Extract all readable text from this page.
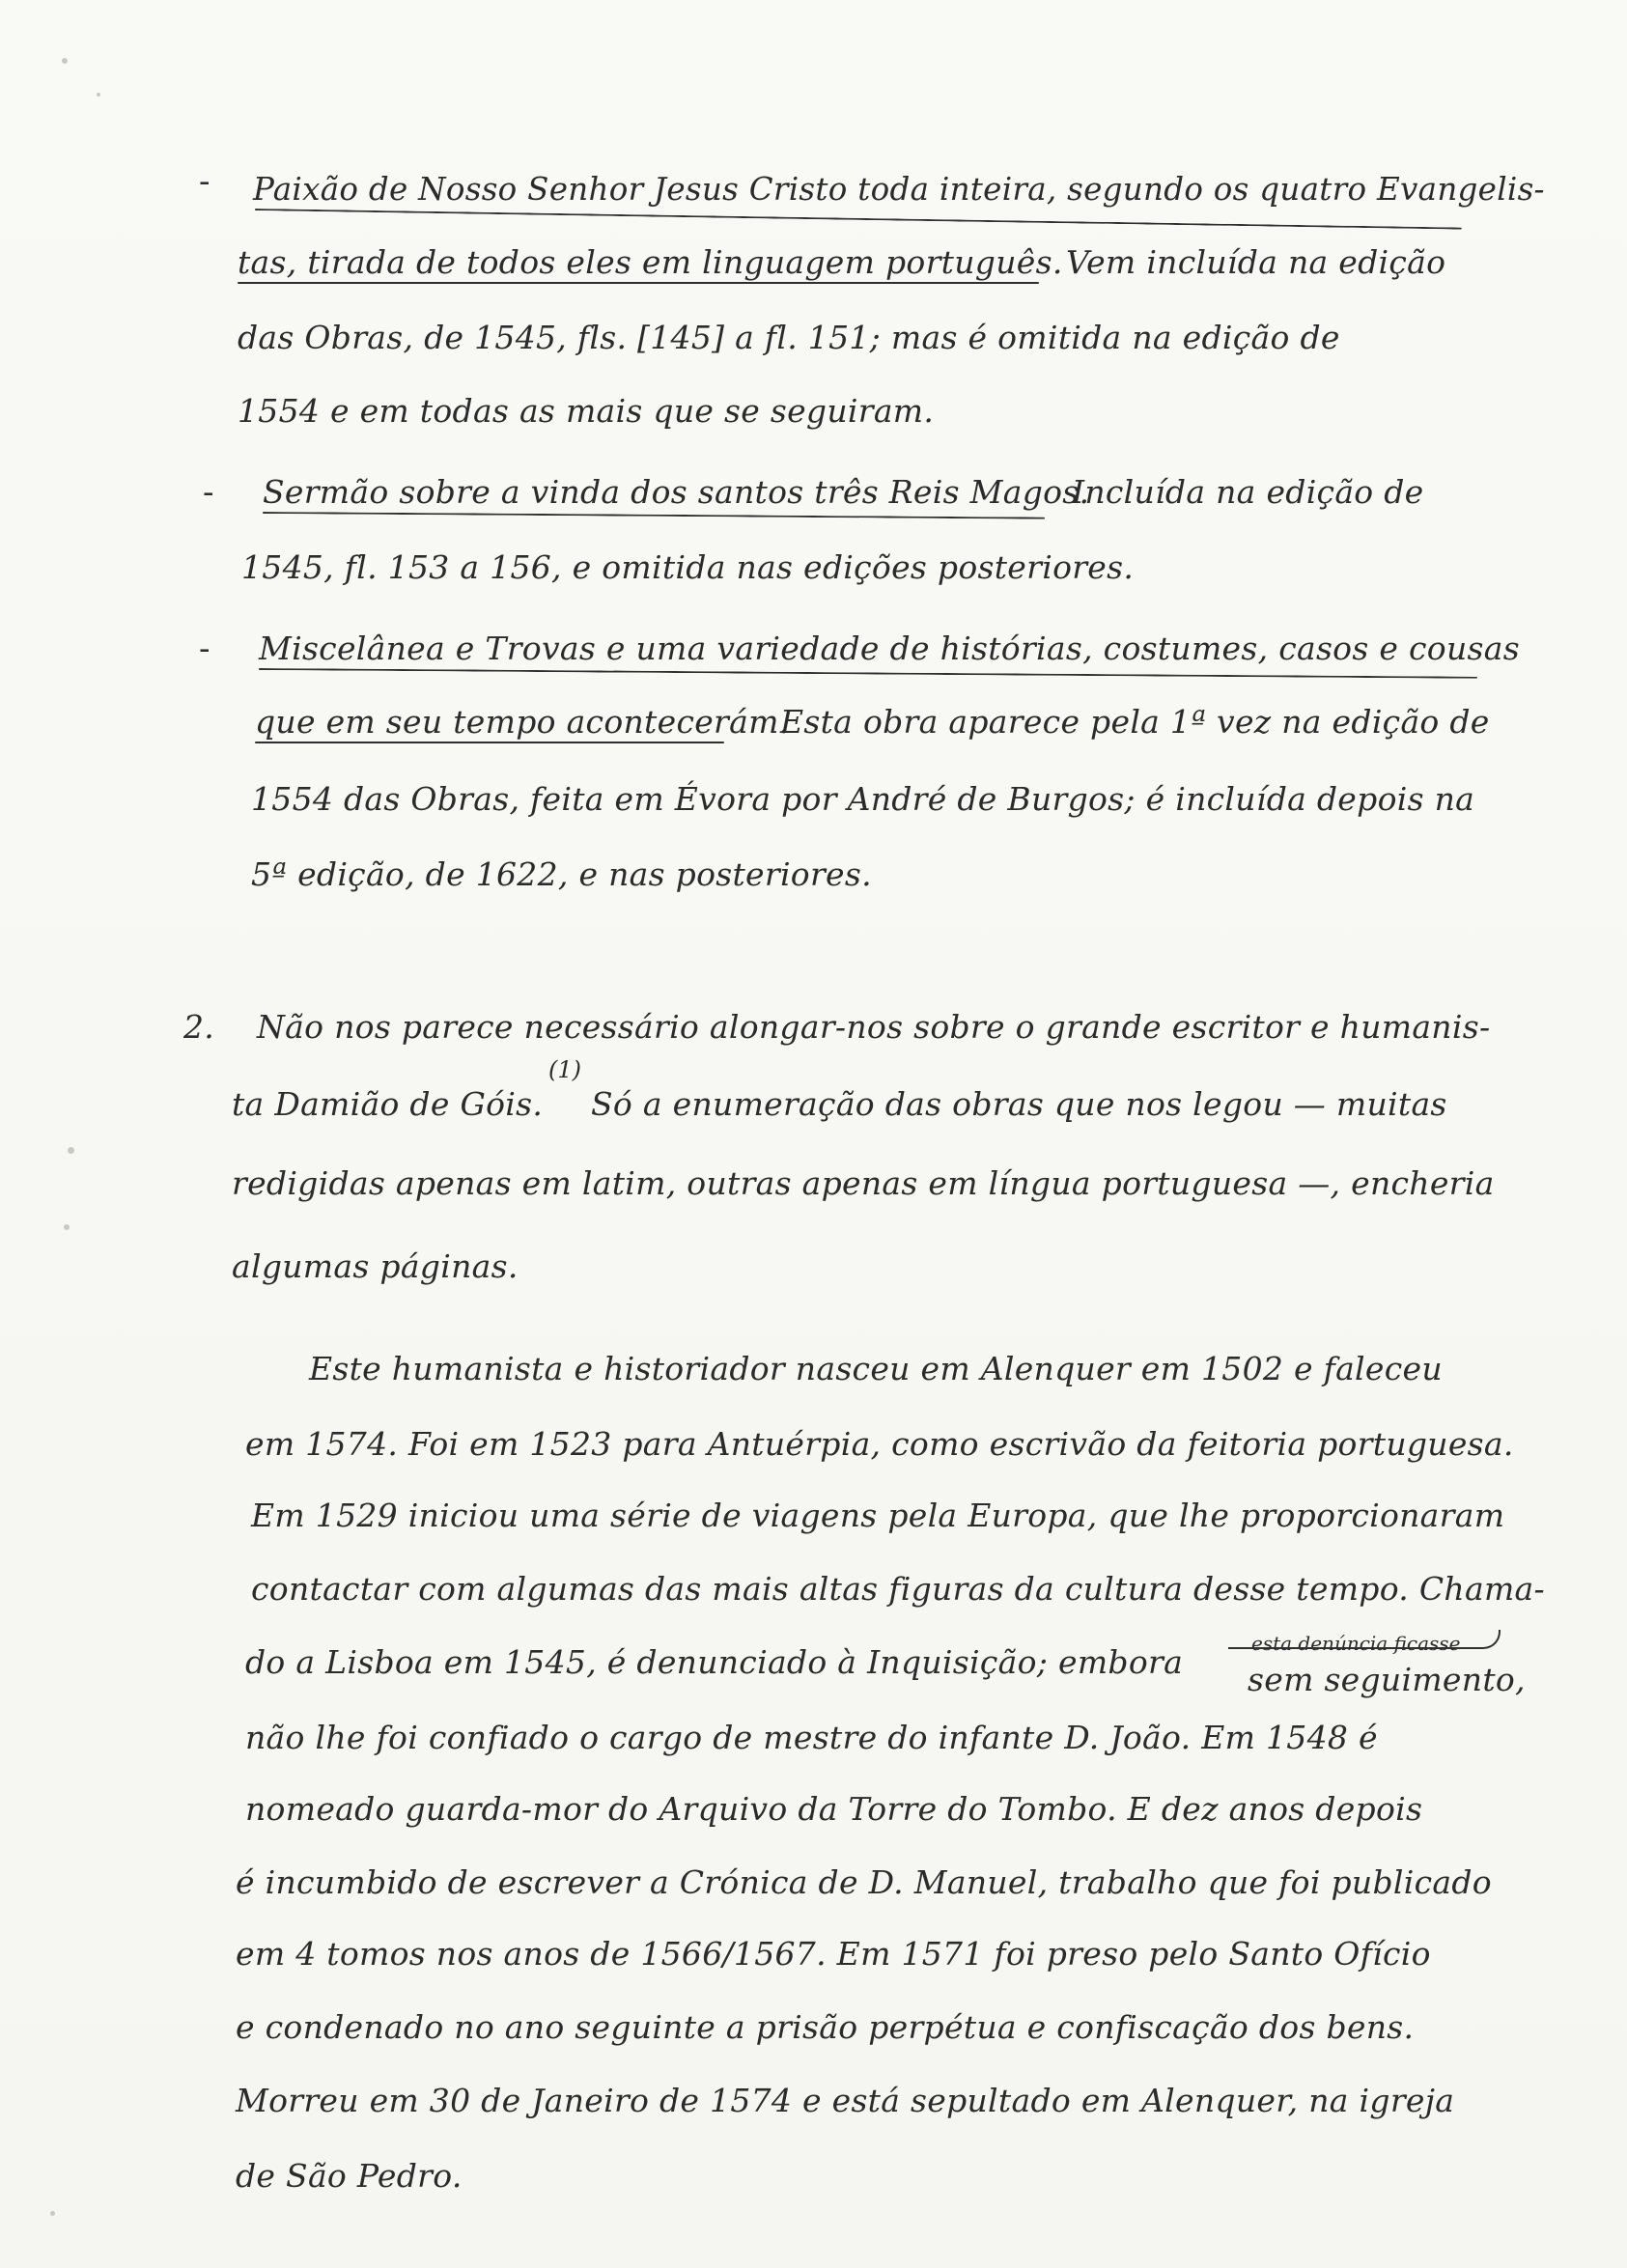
- Paixão de Nosso Senhor Jesus Cristo toda inteira, segundo os quatro Evangelis-
tas, tirada de todos eles em linguagem português. Vem incluída na edição
das Obras, de 1545, fls. [145] a fl. 151; mas é omitida na edição de
1554 e em todas as mais que se seguiram.
- Sermão sobre a vinda dos santos três Reis Magos.
Incluída na edição de
1545, fl. 153 a 156, e omitida nas edições posteriores.
- Miscelânea e Trovas e uma variedade de histórias, costumes, casos e cousas
que em seu tempo acontecerám.
Esta obra aparece pela 1ª vez na edição de
1554 das Obras, feita em Évora por André de Burgos; é incluída depois na
5ª edição, de 1622, e nas posteriores.
2. Não nos parece necessário alongar-nos sobre o grande escritor e humanis-
ta Damião de Góis.
(1)
Só a enumeração das obras que nos legou — muitas
redigidas apenas em latim, outras apenas em língua portuguesa —, encheria
algumas páginas.
Este humanista e historiador nasceu em Alenquer em 1502 e faleceu
em 1574. Foi em 1523 para Antuérpia, como escrivão da feitoria portuguesa.
Em 1529 iniciou uma série de viagens pela Europa, que lhe proporcionaram
contactar com algumas das mais altas figuras da cultura desse tempo. Chama-
do a Lisboa em 1545, é denunciado à Inquisição; embora	esta denúncia ficasse
sem seguimento,
não lhe foi confiado o cargo de mestre do infante D. João. Em 1548 é
nomeado guarda-mor do Arquivo da Torre do Tombo. E dez anos depois
é incumbido de escrever a Crónica de D. Manuel, trabalho que foi publicado
em 4 tomos nos anos de 1566/1567. Em 1571 foi preso pelo Santo Ofício
e condenado no ano seguinte a prisão perpétua e confiscação dos bens.
Morreu em 30 de Janeiro de 1574 e está sepultado em Alenquer, na igreja
de São Pedro.
